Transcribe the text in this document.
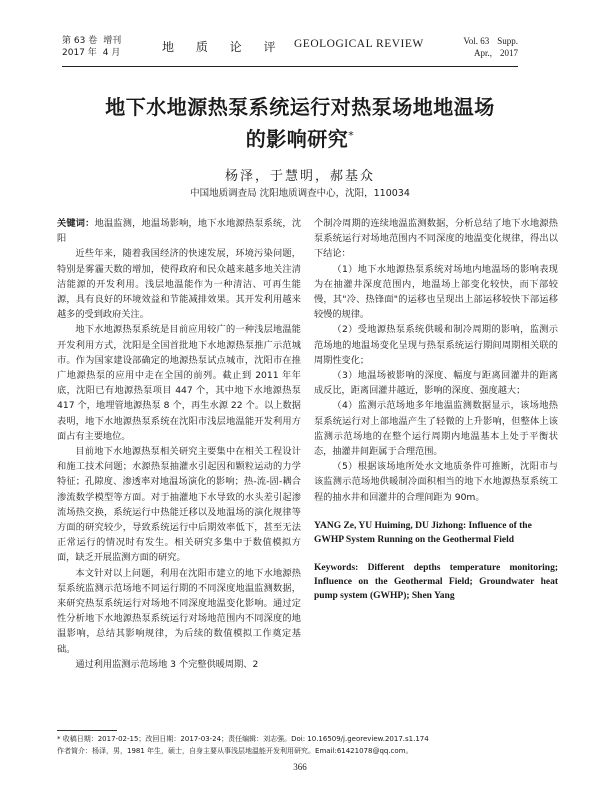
第 63 卷 增刊
2017 年 4 月	地 质 论 评 GEOLOGICAL REVIEW	Vol. 63 Supp.
Apr., 2017
地下水地源热泵系统运行对热泵场地地温场
的影响研究*
杨泽，于慧明，郝基众
中国地质调查局 沈阳地质调查中心，沈阳，110034

关键词：地温监测，地温场影响，地下水地源热泵系统，沈阳

近些年来，随着我国经济的快速发展，环境污染问题，特别是雾霾天数的增加，使得政府和民众越来越多地关注清洁能源的开发利用。浅层地温能作为一种清洁、可再生能源，具有良好的环境效益和节能减排效果。其开发利用越来越多的受到政府关注。

地下水地源热泵系统是目前应用较广的一种浅层地温能开发利用方式，沈阳是全国首批地下水地源热泵推广示范城市。作为国家建设部确定的地源热泵试点城市，沈阳市在推广地源热泵的应用中走在全国的前列。截止到 2011 年年底，沈阳已有地源热泵项目 447 个，其中地下水地源热泵 417 个，地埋管地源热泵 8 个，再生水源 22 个。以上数据表明，地下水地源热泵系统在沈阳市浅层地温能开发利用方面占有主要地位。

目前地下水地源热泵相关研究主要集中在相关工程设计和施工技术问题；水源热泵抽灌水引起因和颗粒运动的力学特征；孔隙度、渗透率对地温场演化的影响；热-流-固-耦合渗流数学模型等方面。对于抽灌地下水导致的水头差引起渗流场热交换，系统运行中热能迁移以及地温场的演化规律等方面的研究较少，导致系统运行中后期效率低下，甚至无法正常运行的情况时有发生。相关研究多集中于数值模拟方面，缺乏开展监测方面的研究。

本文针对以上问题，利用在沈阳市建立的地下水地源热泵系统监测示范场地不同运行期的不同深度地温监测数据，来研究热泵系统运行对场地不同深度地温变化影响。通过定性分析地下水地源热泵系统运行对场地范围内不同深度的地温影响，总结其影响规律，为后续的数值模拟工作奠定基础。

通过利用监测示范场地 3 个完整供暖周期、2

个制冷周期的连续地温监测数据，分析总结了地下水地源热泵系统运行对场地范围内不同深度的地温变化规律，得出以下结论：

（1）地下水地源热泵系统对场地内地温场的影响表现为在抽灌井深度范围内，地温场上部变化较快，而下部较慢，其"冷、热锋面"的运移也呈现出上部运移较快下部运移较慢的规律。

（2）受地源热泵系统供暖和制冷周期的影响，监测示范场地的地温场变化呈现与热泵系统运行期间周期相关联的周期性变化；

（3）地温场被影响的深度、幅度与距离回灌井的距离成反比，距离回灌井越近，影响的深度、强度越大；

（4）监测示范场地多年地温监测数据显示，该场地热泵系统运行对上部地温产生了轻微的上升影响，但整体上该监测示范场地的在整个运行周期内地温基本上处于平衡状态，抽灌井间距属于合理范围。

（5）根据该场地所处水文地质条件可推断，沈阳市与该监测示范场地供暖制冷面积相当的地下水地源热泵系统工程的抽水井和回灌井的合理间距为 90m。

YANG Ze, YU Huiming, DU Jizhong: Influence of the GWHP System Running on the Geothermal Field

Keywords: Different depths temperature monitoring; Influence on the Geothermal Field; Groundwater heat pump system (GWHP); Shen Yang

* 收稿日期：2017-02-15；改回日期：2017-03-24；责任编辑：刘志强。Doi: 10.16509/j.georeview.2017.s1.174
作者简介：杨泽，男，1981 年生，硕士，自身主要从事浅层地温能开发利用研究。Email:61421078@qq.com。
366
